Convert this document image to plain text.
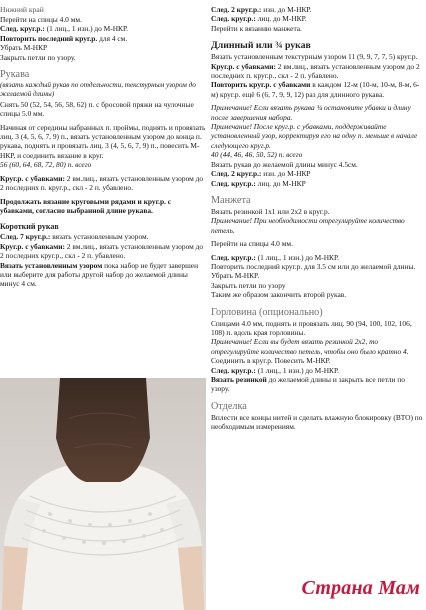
Нижний край

Перейти на спицы 4.0 мм.

След. круг.р.: (1 лиц., 1 изн.) до М-НКР.

Повторить последний круг.р. для 4 см.

Убрать М-НКР

Закрыть петли по узору.

Рукава

(вязать каждый рукав по отдельности, текстурным узором до желаемой длины)

Снять 50 (52, 54, 56, 58, 62) п. с бросовой пряжи на чулочные спицы 5.0 мм.

Начиная от середины набранных п. проймы, поднять и провязать лиц. 3 (4, 5, 6, 7, 9) п., вязать установленным узором до конца п. рукава, поднять и провязать лиц. 3 (4, 5, 6, 7, 9) п., повесить М-НКР, и соединить вязание в круг.

56 (60, 64, 68, 72, 80) п. всего

Круг.р. с убавками: 2 вм.лиц., вязать установленным узором до 2 последних п. круг.р., скл - 2 п. убавлено.

Продолжать вязание круговыми рядами и круг.р. с убавками, согласно выбранной длине рукава.

Короткий рукав

След. 7 круг.р.: вязать установленным узором.

Круг.р. с убавками: 2 вм.лиц., вязать установленным узором до 2 последних круг.р., скл - 2 п. убавлено.

Вязать установленным узором пока набор не будет завершен или выберите для работы другой набор до желаемой длины минус 4 см.

След. 2 круг.р.: изн. до М-НКР.

След. круг.р.: лиц. до М-НКР.

Перейти к вязанию манжета.

Длинный или ¾ рукав

Вязать установленным текстурным узором 11 (9, 9, 7, 7, 5) круг.р.

Круг.р. с убавками: 2 вм.лиц., вязать установленным узором до 2 последних п. круг.р., скл - 2 п. убавлено.

Повторить круг.р. с убавками в каждом 12-м (10-м, 10-м, 8-м, 6-м) круг.р. ещё 6 (6, 7, 9, 9, 12) раз для длинного рукава.

Примечание! Если вязать рукава ¾ остановите убавки и длину после завершения набора.

Примечание! После круг.р. с убавками, поддерживайте установленный узор, корректируя его на одну п. меньше в начале следующего круг.р.

40 (44, 46, 46, 50, 52) п. всего

Вязать рукав до желаемой длины минус 4.5см.

След. 2 круг.р.: изн. до М-НКР

След. круг.р.: лиц. до М-НКР

Манжета

Вязать резинкой 1х1 или 2х2 в круг.р.

Примечание! При необходимости отрегулируйте количество петель.

Перейти на спицы 4.0 мм.

След. круг.р.: (1 лиц., 1 изн.) до М-НКР.

Повторить последний круг.р. для 3.5 см или до желаемой длины.

Убрать М-НКР.

Закрыть петли по узору

Таким же образом закончить второй рукав.

Горловина (опционально)

Спицами 4.0 мм, поднять и провязать лиц. 90 (94, 100, 102, 106, 108) п. вдоль края горловины.

Примечание! Если вы будет вязать резинкой 2х2, то отрегулируйте количество петель, чтобы оно было кратно 4.

Соединить в круг.р. Повесить М-НКР.

След. круг.р.: (1 лиц., 1 изн.) до М-НКР.

Вязать резинкой до желаемой длины и закрыть все петли по узору.

Отделка

Вплести все концы нитей и сделать влажную блокировку (ВТО) по необходимым измерениям.

Страна Мам
